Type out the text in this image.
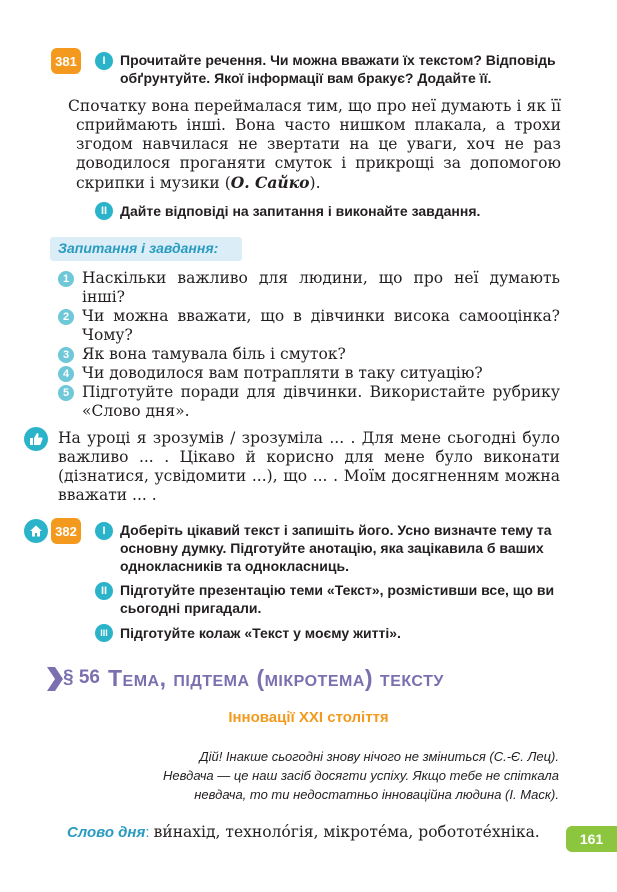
381 I Прочитайте речення. Чи можна вважати їх текстом? Відповідь обґрунтуйте. Якої інформації вам бракує? Додайте її.
Спочатку вона переймалася тим, що про неї думають і як її сприймають інші. Вона часто нишком плакала, а трохи згодом навчилася не звертати на це уваги, хоч не раз доводилося проганяти смуток і прикрощі за допомогою скрипки і музики (О. Сайко).
II Дайте відповіді на запитання і виконайте завдання.
Запитання і завдання:
1 Наскільки важливо для людини, що про неї думають інші?
2 Чи можна вважати, що в дівчинки висока самооцінка? Чому?
3 Як вона тамувала біль і смуток?
4 Чи доводилося вам потрапляти в таку ситуацію?
5 Підготуйте поради для дівчинки. Використайте рубрику «Слово дня».
На уроці я зрозумів / зрозуміла ... . Для мене сьогодні було важливо ... . Цікаво й корисно для мене було виконати (дізнатися, усвідомити ...), що ... . Моїм досягненням можна вважати ... .
382 I Доберіть цікавий текст і запишіть його. Усно визначте тему та основну думку. Підготуйте анотацію, яка зацікавила б ваших однокласників та однокласниць.
II Підготуйте презентацію теми «Текст», розмістивши все, що ви сьогодні пригадали.
III Підготуйте колаж «Текст у моєму житті».
§ 56 Тема, підтема (мікротема) тексту
Інновації XXI століття
Дій! Інакше сьогодні знову нічого не зміниться (С.-Є. Лец).
Невдача — це наш засіб досягти успіху. Якщо тебе не спіткала
невдача, то ти недостатньо інноваційна людина (І. Маск).
Слово дня: ви́нахід, техноло́гія, мікроте́ма, робототе́хніка.	161
